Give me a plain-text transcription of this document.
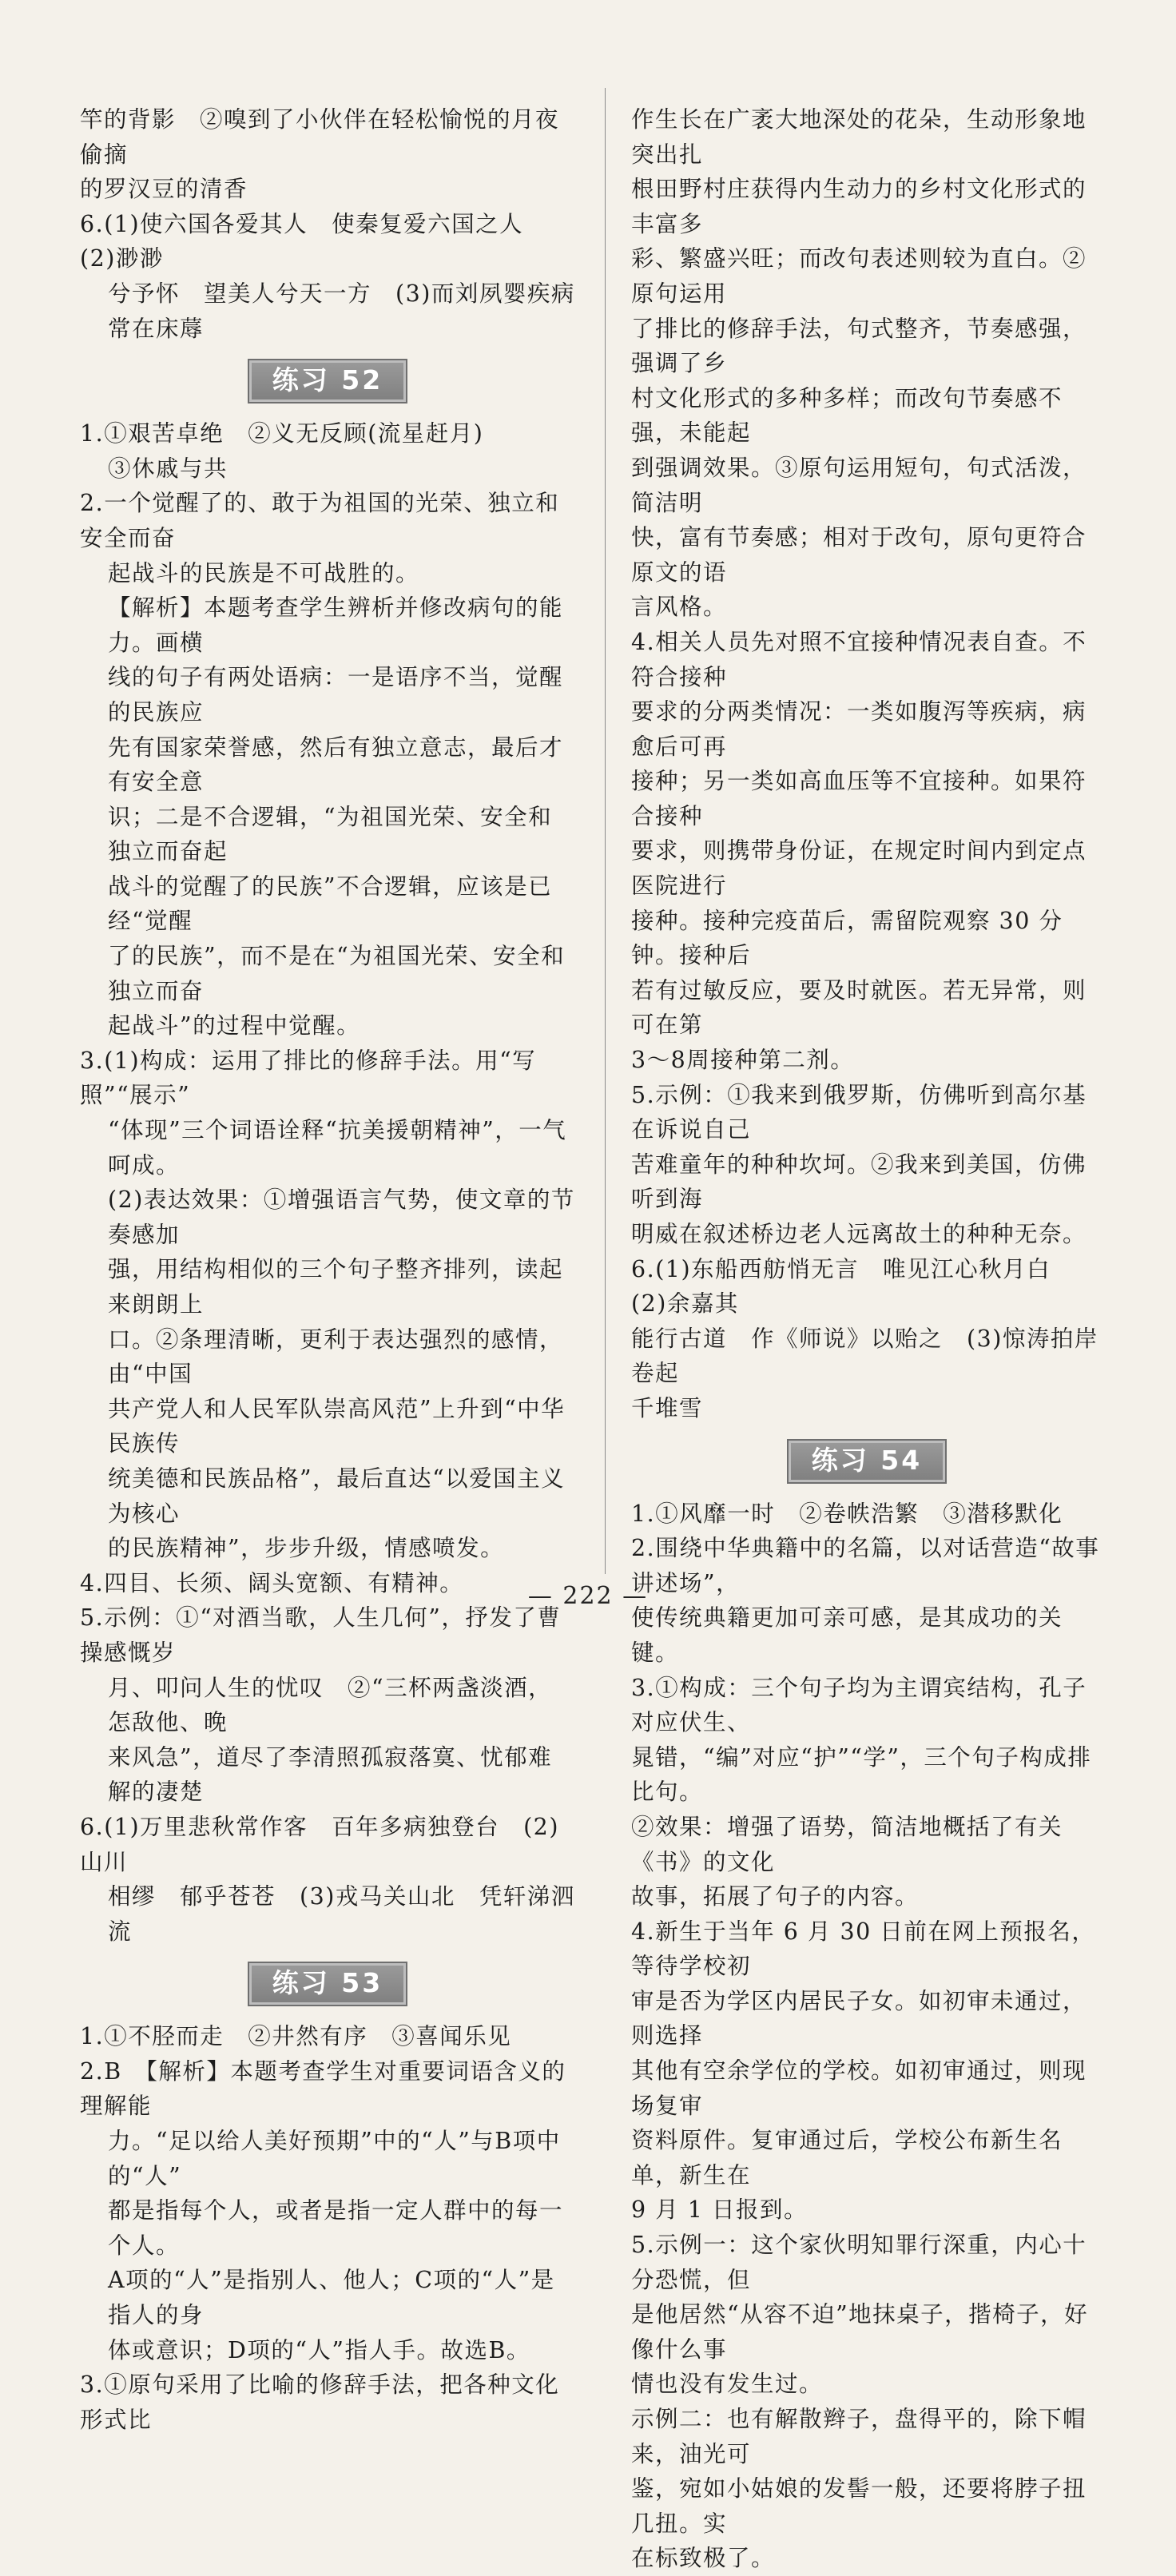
竿的背影　②嗅到了小伙伴在轻松愉悦的月夜偷摘

的罗汉豆的清香

6.(1)使六国各爱其人　使秦复爱六国之人　(2)渺渺

兮予怀　望美人兮天一方　(3)而刘夙婴疾病

常在床蓐

练习 52

1.①艰苦卓绝　②义无反顾(流星赶月)

③休戚与共

2.一个觉醒了的、敢于为祖国的光荣、独立和安全而奋

起战斗的民族是不可战胜的。

【解析】本题考查学生辨析并修改病句的能力。画横

线的句子有两处语病：一是语序不当，觉醒的民族应

先有国家荣誉感，然后有独立意志，最后才有安全意

识；二是不合逻辑，“为祖国光荣、安全和独立而奋起

战斗的觉醒了的民族”不合逻辑，应该是已经“觉醒

了的民族”，而不是在“为祖国光荣、安全和独立而奋

起战斗”的过程中觉醒。

3.(1)构成：运用了排比的修辞手法。用“写照”“展示”

“体现”三个词语诠释“抗美援朝精神”，一气呵成。

(2)表达效果：①增强语言气势，使文章的节奏感加

强，用结构相似的三个句子整齐排列，读起来朗朗上

口。②条理清晰，更利于表达强烈的感情，由“中国

共产党人和人民军队崇高风范”上升到“中华民族传

统美德和民族品格”，最后直达“以爱国主义为核心

的民族精神”，步步升级，情感喷发。

4.四目、长须、阔头宽额、有精神。

5.示例：①“对酒当歌，人生几何”，抒发了曹操感慨岁

月、叩问人生的忧叹　②“三杯两盏淡酒，怎敌他、晚

来风急”，道尽了李清照孤寂落寞、忧郁难解的凄楚

6.(1)万里悲秋常作客　百年多病独登台　(2)山川

相缪　郁乎苍苍　(3)戎马关山北　凭轩涕泗流

练习 53

1.①不胫而走　②井然有序　③喜闻乐见

2.B　【解析】本题考查学生对重要词语含义的理解能

力。“足以给人美好预期”中的“人”与B项中的“人”

都是指每个人，或者是指一定人群中的每一个人。

A项的“人”是指别人、他人；C项的“人”是指人的身

体或意识；D项的“人”指人手。故选B。

3.①原句采用了比喻的修辞手法，把各种文化形式比

作生长在广袤大地深处的花朵，生动形象地突出扎

根田野村庄获得内生动力的乡村文化形式的丰富多

彩、繁盛兴旺；而改句表述则较为直白。②原句运用

了排比的修辞手法，句式整齐，节奏感强，强调了乡

村文化形式的多种多样；而改句节奏感不强，未能起

到强调效果。③原句运用短句，句式活泼，简洁明

快，富有节奏感；相对于改句，原句更符合原文的语

言风格。

4.相关人员先对照不宜接种情况表自查。不符合接种

要求的分两类情况：一类如腹泻等疾病，病愈后可再

接种；另一类如高血压等不宜接种。如果符合接种

要求，则携带身份证，在规定时间内到定点医院进行

接种。接种完疫苗后，需留院观察 30 分钟。接种后

若有过敏反应，要及时就医。若无异常，则可在第

3～8周接种第二剂。

5.示例：①我来到俄罗斯，仿佛听到高尔基在诉说自己

苦难童年的种种坎坷。②我来到美国，仿佛听到海

明威在叙述桥边老人远离故土的种种无奈。

6.(1)东船西舫悄无言　唯见江心秋月白　(2)余嘉其

能行古道　作《师说》以贻之　(3)惊涛拍岸　卷起

千堆雪

练习 54

1.①风靡一时　②卷帙浩繁　③潜移默化

2.围绕中华典籍中的名篇，以对话营造“故事讲述场”，

使传统典籍更加可亲可感，是其成功的关键。

3.①构成：三个句子均为主谓宾结构，孔子对应伏生、

晁错，“编”对应“护”“学”，三个句子构成排比句。

②效果：增强了语势，简洁地概括了有关《书》的文化

故事，拓展了句子的内容。

4.新生于当年 6 月 30 日前在网上预报名，等待学校初

审是否为学区内居民子女。如初审未通过，则选择

其他有空余学位的学校。如初审通过，则现场复审

资料原件。复审通过后，学校公布新生名单，新生在

9 月 1 日报到。

5.示例一：这个家伙明知罪行深重，内心十分恐慌，但

是他居然“从容不迫”地抹桌子，揩椅子，好像什么事

情也没有发生过。

示例二：也有解散辫子，盘得平的，除下帽来，油光可

鉴，宛如小姑娘的发髻一般，还要将脖子扭几扭。实

在标致极了。

— 222 —
